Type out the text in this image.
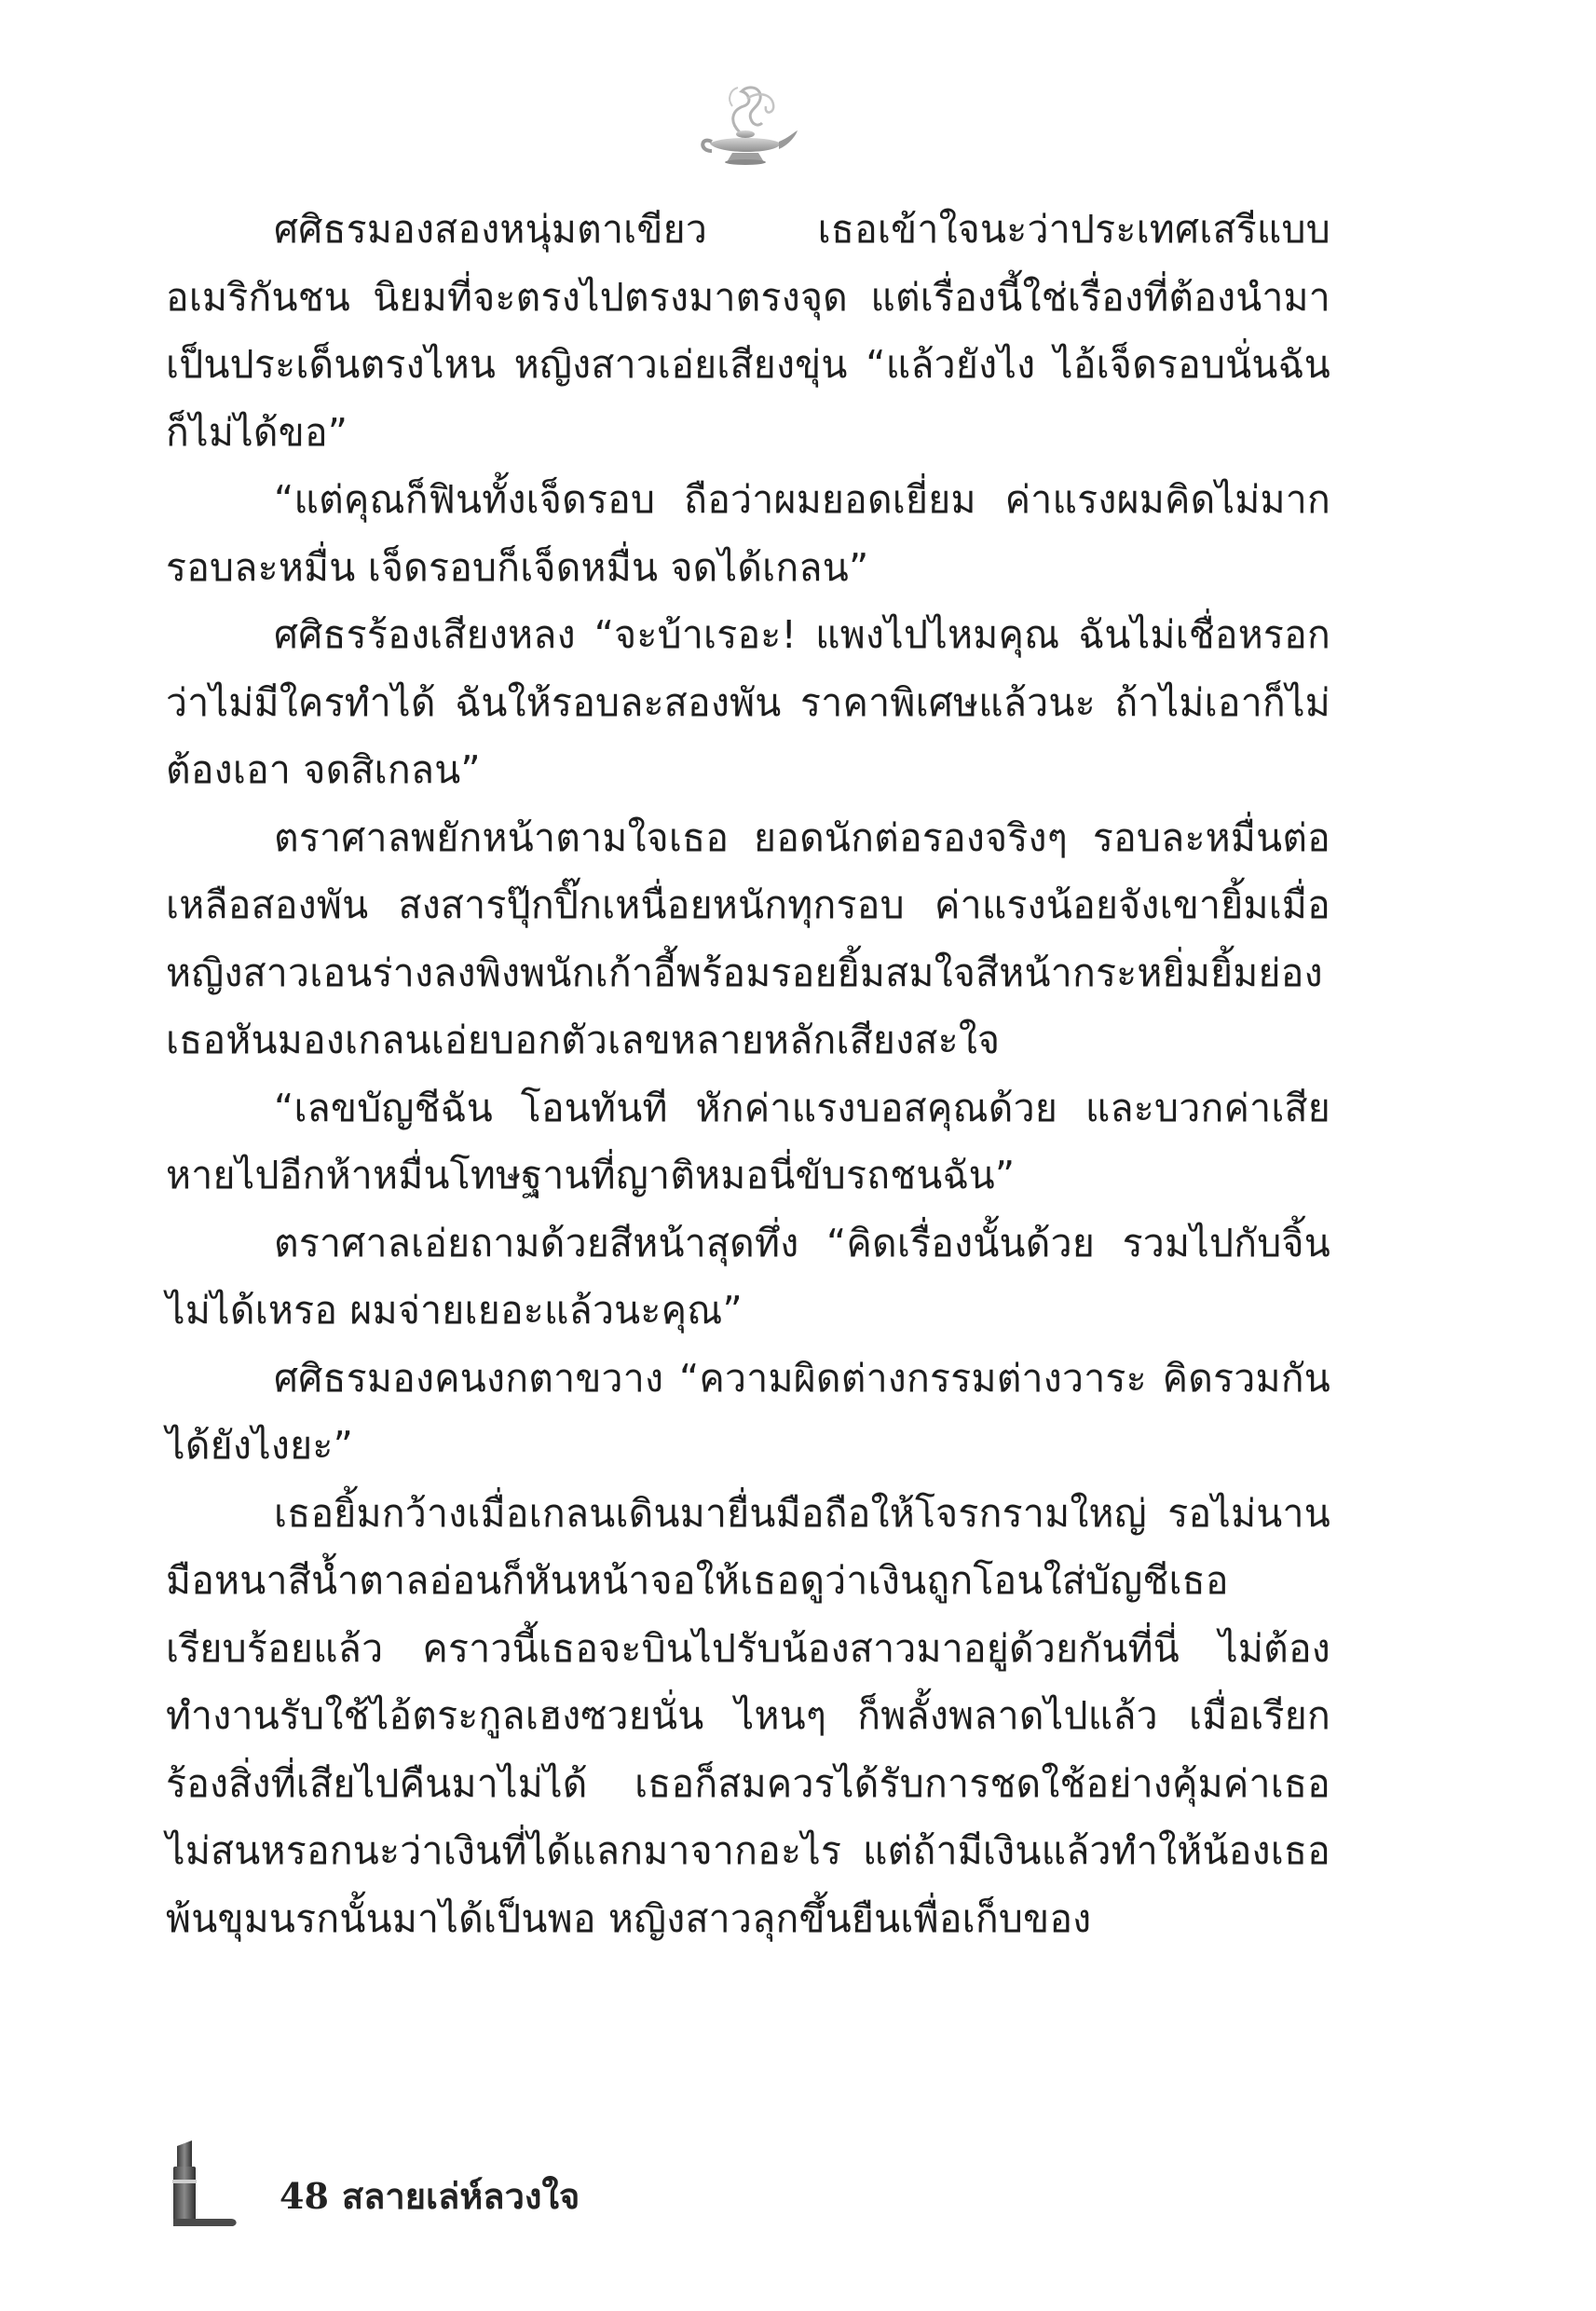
ศศิธรมองสองหนุ่มตาเขียว เธอเข้าใจนะว่าประเทศเสรีแบบอเมริกันชน นิยมที่จะตรงไปตรงมาตรงจุด แต่เรื่องนี้ใช่เรื่องที่ต้องนำมาเป็นประเด็นตรงไหน หญิงสาวเอ่ยเสียงขุ่น “แล้วยังไง ไอ้เจ็ดรอบนั่นฉันก็ไม่ได้ขอ”

“แต่คุณก็ฟินทั้งเจ็ดรอบ ถือว่าผมยอดเยี่ยม ค่าแรงผมคิดไม่มากรอบละหมื่น เจ็ดรอบก็เจ็ดหมื่น จดได้เกลน”

ศศิธรร้องเสียงหลง “จะบ้าเรอะ! แพงไปไหมคุณ ฉันไม่เชื่อหรอกว่าไม่มีใครทำได้ ฉันให้รอบละสองพัน ราคาพิเศษแล้วนะ ถ้าไม่เอาก็ไม่ต้องเอา จดสิเกลน”

ตราศาลพยักหน้าตามใจเธอ ยอดนักต่อรองจริงๆ รอบละหมื่นต่อเหลือสองพัน สงสารปุ๊กปิ๊กเหนื่อยหนักทุกรอบ ค่าแรงน้อยจังเขายิ้มเมื่อหญิงสาวเอนร่างลงพิงพนักเก้าอี้พร้อมรอยยิ้มสมใจสีหน้ากระหยิ่มยิ้มย่อง เธอหันมองเกลนเอ่ยบอกตัวเลขหลายหลักเสียงสะใจ

“เลขบัญชีฉัน โอนทันที หักค่าแรงบอสคุณด้วย และบวกค่าเสียหายไปอีกห้าหมื่นโทษฐานที่ญาติหมอนี่ขับรถชนฉัน”

ตราศาลเอ่ยถามด้วยสีหน้าสุดทึ่ง “คิดเรื่องนั้นด้วย รวมไปกับจิ้นไม่ได้เหรอ ผมจ่ายเยอะแล้วนะคุณ”

ศศิธรมองคนงกตาขวาง “ความผิดต่างกรรมต่างวาระ คิดรวมกันได้ยังไงยะ”

เธอยิ้มกว้างเมื่อเกลนเดินมายื่นมือถือให้โจรกรามใหญ่ รอไม่นานมือหนาสีน้ำตาลอ่อนก็หันหน้าจอให้เธอดูว่าเงินถูกโอนใส่บัญชีเธอเรียบร้อยแล้ว คราวนี้เธอจะบินไปรับน้องสาวมาอยู่ด้วยกันที่นี่ ไม่ต้องทำงานรับใช้ไอ้ตระกูลเฮงซวยนั่น ไหนๆ ก็พลั้งพลาดไปแล้ว เมื่อเรียกร้องสิ่งที่เสียไปคืนมาไม่ได้ เธอก็สมควรได้รับการชดใช้อย่างคุ้มค่าเธอไม่สนหรอกนะว่าเงินที่ได้แลกมาจากอะไร แต่ถ้ามีเงินแล้วทำให้น้องเธอพ้นขุมนรกนั้นมาได้เป็นพอ หญิงสาวลุกขึ้นยืนเพื่อเก็บของ

48 สลายเล่ห์ลวงใจ
